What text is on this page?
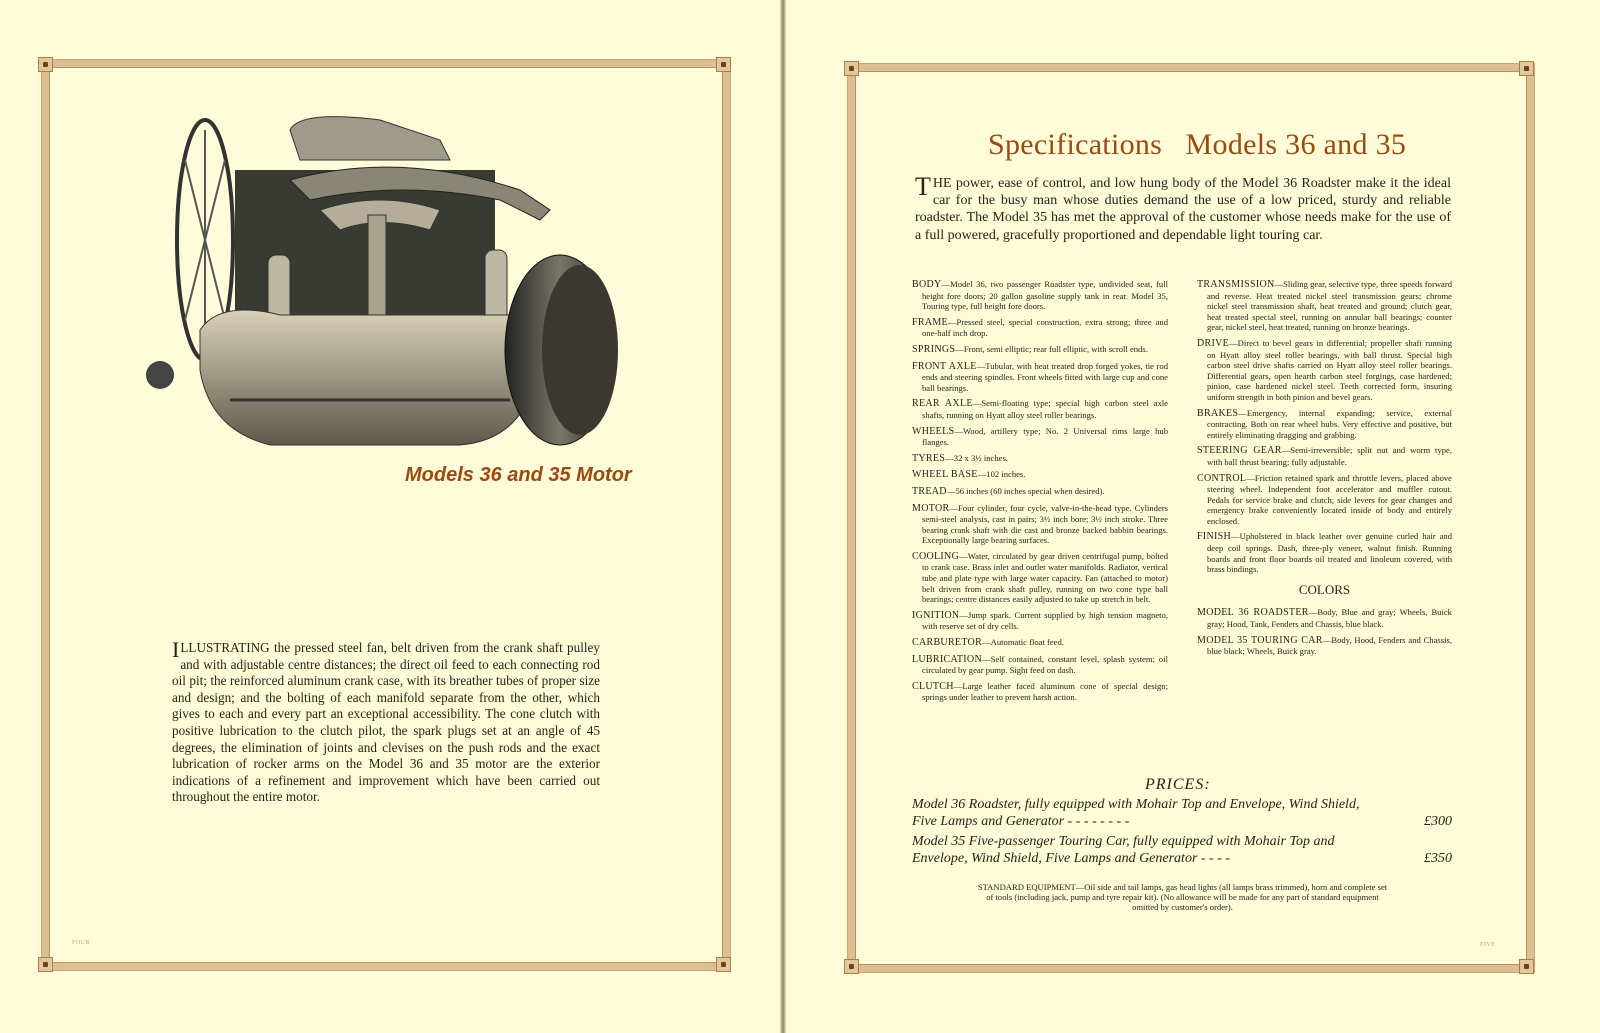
Models 36 and 35 Motor
ILLUSTRATING the pressed steel fan, belt driven from the crank shaft pulley and with adjustable centre distances; the direct oil feed to each connecting rod oil pit; the reinforced aluminum crank case, with its breather tubes of proper size and design; and the bolting of each manifold separate from the other, which gives to each and every part an exceptional accessibility. The cone clutch with positive lubrication to the clutch pilot, the spark plugs set at an angle of 45 degrees, the elimination of joints and clevises on the push rods and the exact lubrication of rocker arms on the Model 36 and 35 motor are the exterior indications of a refinement and improvement which have been carried out throughout the entire motor.
FOUR
Specifications   Models 36 and 35
THE power, ease of control, and low hung body of the Model 36 Roadster make it the ideal car for the busy man whose duties demand the use of a low priced, sturdy and reliable roadster. The Model 35 has met the approval of the customer whose needs make for the use of a full powered, gracefully proportioned and dependable light touring car.

BODY—Model 36, two passenger Roadster type, undivided seat, full height fore doors; 20 gallon gasoline supply tank in rear. Model 35, Touring type, full height fore doors.

FRAME—Pressed steel, special construction, extra strong; three and one-half inch drop.

SPRINGS—Front, semi elliptic; rear full elliptic, with scroll ends.

FRONT AXLE—Tubular, with heat treated drop forged yokes, tie rod ends and steering spindles. Front wheels fitted with large cup and cone ball bearings.

REAR AXLE—Semi-floating type; special high carbon steel axle shafts, running on Hyatt alloy steel roller bearings.

WHEELS—Wood, artillery type; No. 2 Universal rims large hub flanges.

TYRES—32 x 3½ inches.

WHEEL BASE—102 inches.

TREAD—56 inches (60 inches special when desired).

MOTOR—Four cylinder, four cycle, valve-in-the-head type. Cylinders semi-steel analysis, cast in pairs; 3½ inch bore; 3½ inch stroke. Three bearing crank shaft with die cast and bronze backed babbitt bearings. Exceptionally large bearing surfaces.

COOLING—Water, circulated by gear driven centrifugal pump, bolted to crank case. Brass inlet and outlet water manifolds. Radiator, vertical tube and plate type with large water capacity. Fan (attached to motor) belt driven from crank shaft pulley, running on two cone type ball bearings; centre distances easily adjusted to take up stretch in belt.

IGNITION—Jump spark. Current supplied by high tension magneto, with reserve set of dry cells.

CARBURETOR—Automatic float feed.

LUBRICATION—Self contained, constant level, splash system; oil circulated by gear pump. Sight feed on dash.

CLUTCH—Large leather faced aluminum cone of special design; springs under leather to prevent harsh action.

TRANSMISSION—Sliding gear, selective type, three speeds forward and reverse. Heat treated nickel steel transmission gears; chrome nickel steel transmission shaft, heat treated and ground; clutch gear, heat treated special steel, running on annular ball bearings; counter gear, nickel steel, heat treated, running on bronze bearings.

DRIVE—Direct to bevel gears in differential; propeller shaft running on Hyatt alloy steel roller bearings, with ball thrust. Special high carbon steel drive shafts carried on Hyatt alloy steel roller bearings. Differential gears, open hearth carbon steel forgings, case hardened; pinion, case hardened nickel steel. Teeth corrected form, insuring uniform strength in both pinion and bevel gears.

BRAKES—Emergency, internal expanding; service, external contracting. Both on rear wheel hubs. Very effective and positive, but entirely eliminating dragging and grabbing.

STEERING GEAR—Semi-irreversible; split nut and worm type, with ball thrust bearing; fully adjustable.

CONTROL—Friction retained spark and throttle levers, placed above steering wheel. Independent foot accelerator and muffler cutout. Pedals for service brake and clutch; side levers for gear changes and emergency brake conveniently located inside of body and entirely enclosed.

FINISH—Upholstered in black leather over genuine curled hair and deep coil springs. Dash, three-ply veneer, walnut finish. Running boards and front floor boards oil treated and linoleum covered, with brass bindings.

COLORS

MODEL 36 ROADSTER—Body, Blue and gray; Wheels, Buick gray; Hood, Tank, Fenders and Chassis, blue black.

MODEL 35 TOURING CAR—Body, Hood, Fenders and Chassis, blue black; Wheels, Buick gray.

PRICES:
Model 36 Roadster, fully equipped with Mohair Top and Envelope, Wind Shield, Five Lamps and Generator - - - - - - - -	£300
Model 35 Five-passenger Touring Car, fully equipped with Mohair Top and Envelope, Wind Shield, Five Lamps and Generator - - - -	£350
STANDARD EQUIPMENT—Oil side and tail lamps, gas head lights (all lamps brass trimmed), horn and complete set of tools (including jack, pump and tyre repair kit). (No allowance will be made for any part of standard equipment omitted by customer's order).
FIVE
